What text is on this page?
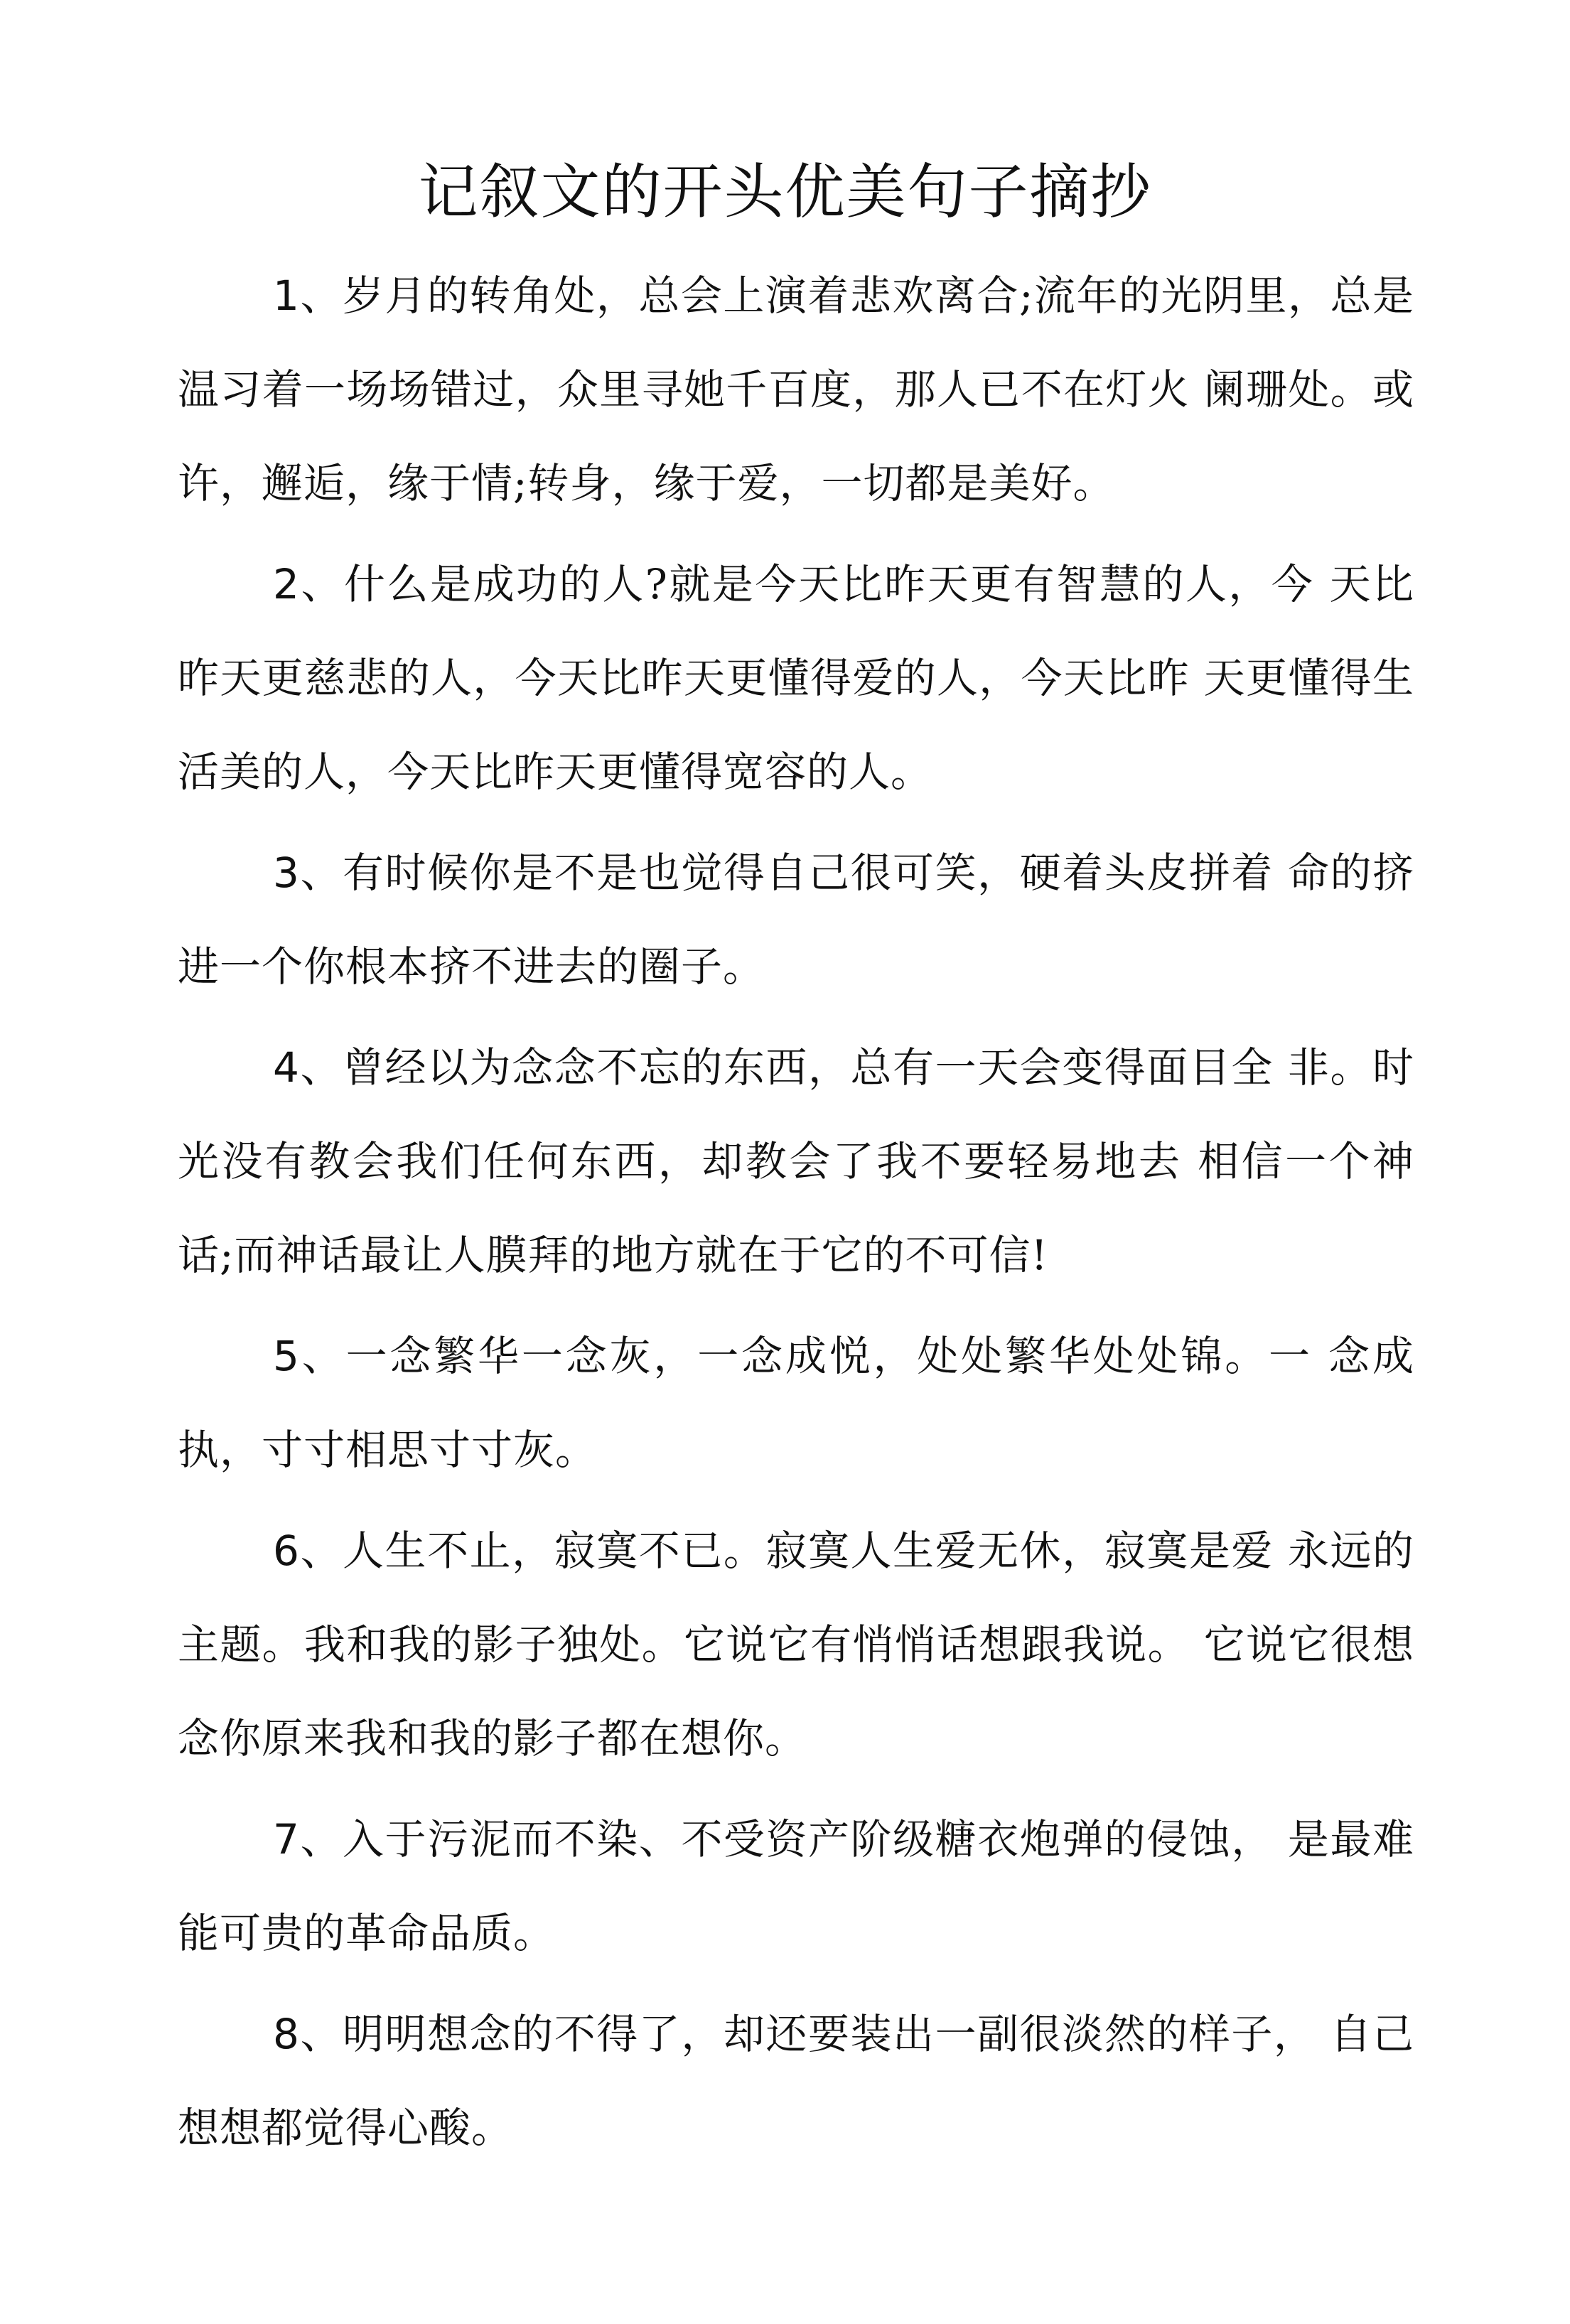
记叙文的开头优美句子摘抄

1、岁月的转角处，总会上演着悲欢离合;流年的光阴里，总是温习着一场场错过，众里寻她千百度，那人已不在灯火 阑珊处。或许，邂逅，缘于情;转身，缘于爱，一切都是美好。

2、什么是成功的人?就是今天比昨天更有智慧的人，今 天比昨天更慈悲的人，今天比昨天更懂得爱的人，今天比昨 天更懂得生活美的人，今天比昨天更懂得宽容的人。

3、有时候你是不是也觉得自己很可笑，硬着头皮拼着 命的挤进一个你根本挤不进去的圈子。

4、曾经以为念念不忘的东西，总有一天会变得面目全 非。时光没有教会我们任何东西，却教会了我不要轻易地去 相信一个神话;而神话最让人膜拜的地方就在于它的不可信!

5、一念繁华一念灰，一念成悦，处处繁华处处锦。一 念成执，寸寸相思寸寸灰。

6、人生不止，寂寞不已。寂寞人生爱无休，寂寞是爱 永远的主题。我和我的影子独处。它说它有悄悄话想跟我说。 它说它很想念你原来我和我的影子都在想你。

7、入于污泥而不染、不受资产阶级糖衣炮弹的侵蚀， 是最难能可贵的革命品质。

8、明明想念的不得了，却还要装出一副很淡然的样子， 自己想想都觉得心酸。
